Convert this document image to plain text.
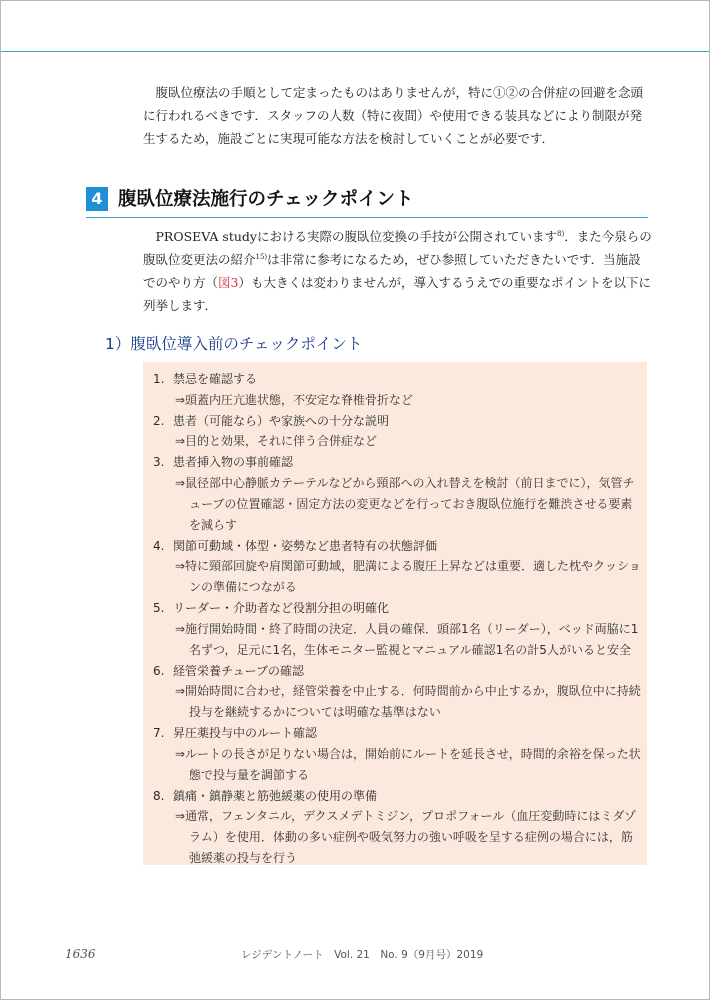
腹臥位療法の手順として定まったものはありませんが，特に①②の合併症の回避を念頭に行われるべきです．スタッフの人数（特に夜間）や使用できる装具などにより制限が発生するため，施設ごとに実現可能な方法を検討していくことが必要です．

4 腹臥位療法施行のチェックポイント

PROSEVA studyにおける実際の腹臥位変換の手技が公開されています$^{8)}$．また今泉らの腹臥位変更法の紹介$^{15)}$は非常に参考になるため，ぜひ参照していただきたいです．当施設でのやり方（図3）も大きくは変わりませんが，導入するうえでの重要なポイントを以下に列挙します．

1）腹臥位導入前のチェックポイント
1. 禁忌を確認する
⇒頭蓋内圧亢進状態，不安定な脊椎骨折など
2. 患者（可能なら）や家族への十分な説明
⇒目的と効果，それに伴う合併症など
3. 患者挿入物の事前確認
⇒鼠径部中心静脈カテーテルなどから頸部への入れ替えを検討（前日までに），気管チューブの位置確認・固定方法の変更などを行っておき腹臥位施行を難渋させる要素を減らす
4. 関節可動域・体型・姿勢など患者特有の状態評価
⇒特に頸部回旋や肩関節可動域，肥満による腹圧上昇などは重要．適した枕やクッションの準備につながる
5. リーダー・介助者など役割分担の明確化
⇒施行開始時間・終了時間の決定．人員の確保．頭部1名（リーダー），ベッド両脇に1名ずつ，足元に1名，生体モニター監視とマニュアル確認1名の計5人がいると安全
6. 経管栄養チューブの確認
⇒開始時間に合わせ，経管栄養を中止する．何時間前から中止するか，腹臥位中に持続投与を継続するかについては明確な基準はない
7. 昇圧薬投与中のルート確認
⇒ルートの長さが足りない場合は，開始前にルートを延長させ，時間的余裕を保った状態で投与量を調節する
8. 鎮痛・鎮静薬と筋弛緩薬の使用の準備
⇒通常，フェンタニル，デクスメデトミジン，プロポフォール（血圧変動時にはミダゾラム）を使用．体動の多い症例や吸気努力の強い呼吸を呈する症例の場合には，筋弛緩薬の投与を行う
1636	レジデントノート　Vol. 21　No. 9（9月号）2019
